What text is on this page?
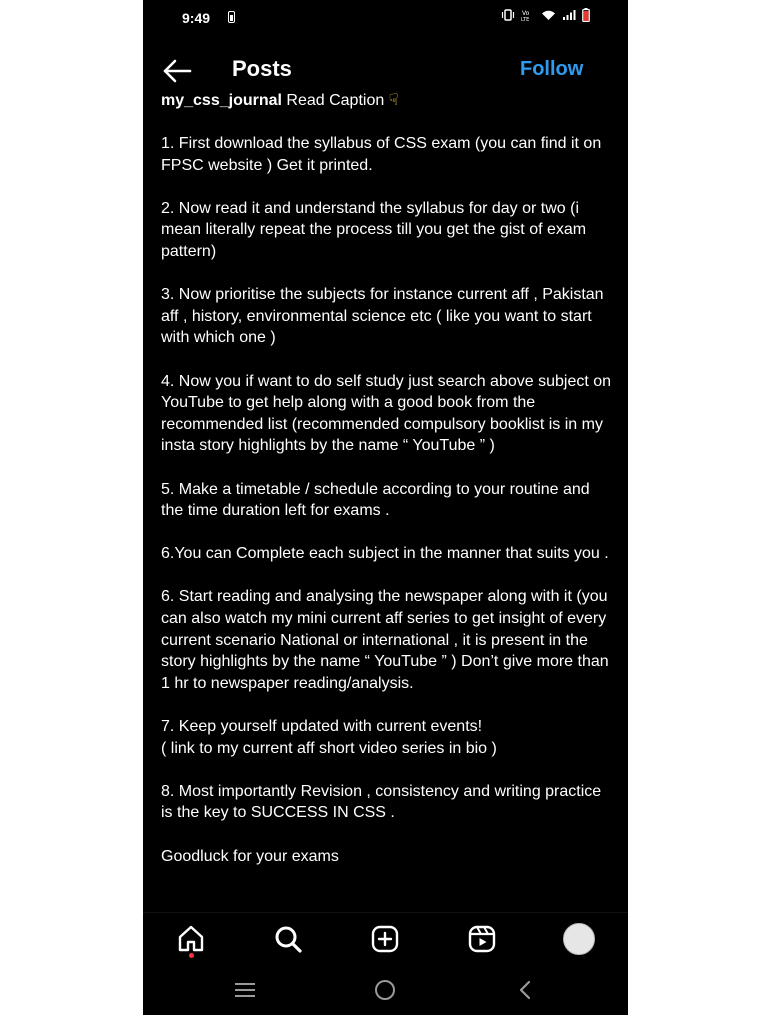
9:49	Vo
LTE
Posts	Follow
my_css_journal Read Caption ☟

1. First download the syllabus of CSS exam (you can find it on FPSC website ) Get it printed.

2. Now read it and understand the syllabus for day or two (i mean literally repeat the process till you get the gist of exam pattern)

3. Now prioritise the subjects for instance current aff , Pakistan aff , history, environmental science etc ( like you want to start with which one )

4. Now you if want to do self study just search above subject on YouTube to get help along with a good book from the recommended list (recommended compulsory booklist is in my insta story highlights by the name “ YouTube ” )

5. Make a timetable / schedule according to your routine and the time duration left for exams .

6.You can Complete each subject in the manner that suits you .

6. Start reading and analysing the newspaper along with it (you can also watch my mini current aff series to get insight of every current scenario National or international , it is present in the story highlights by the name “ YouTube ” ) Don’t give more than 1 hr to newspaper reading/analysis.

7. Keep yourself updated with current events!
( link to my current aff short video series in bio )

8. Most importantly Revision , consistency and writing practice is the key to SUCCESS IN CSS .

Goodluck for your exams
